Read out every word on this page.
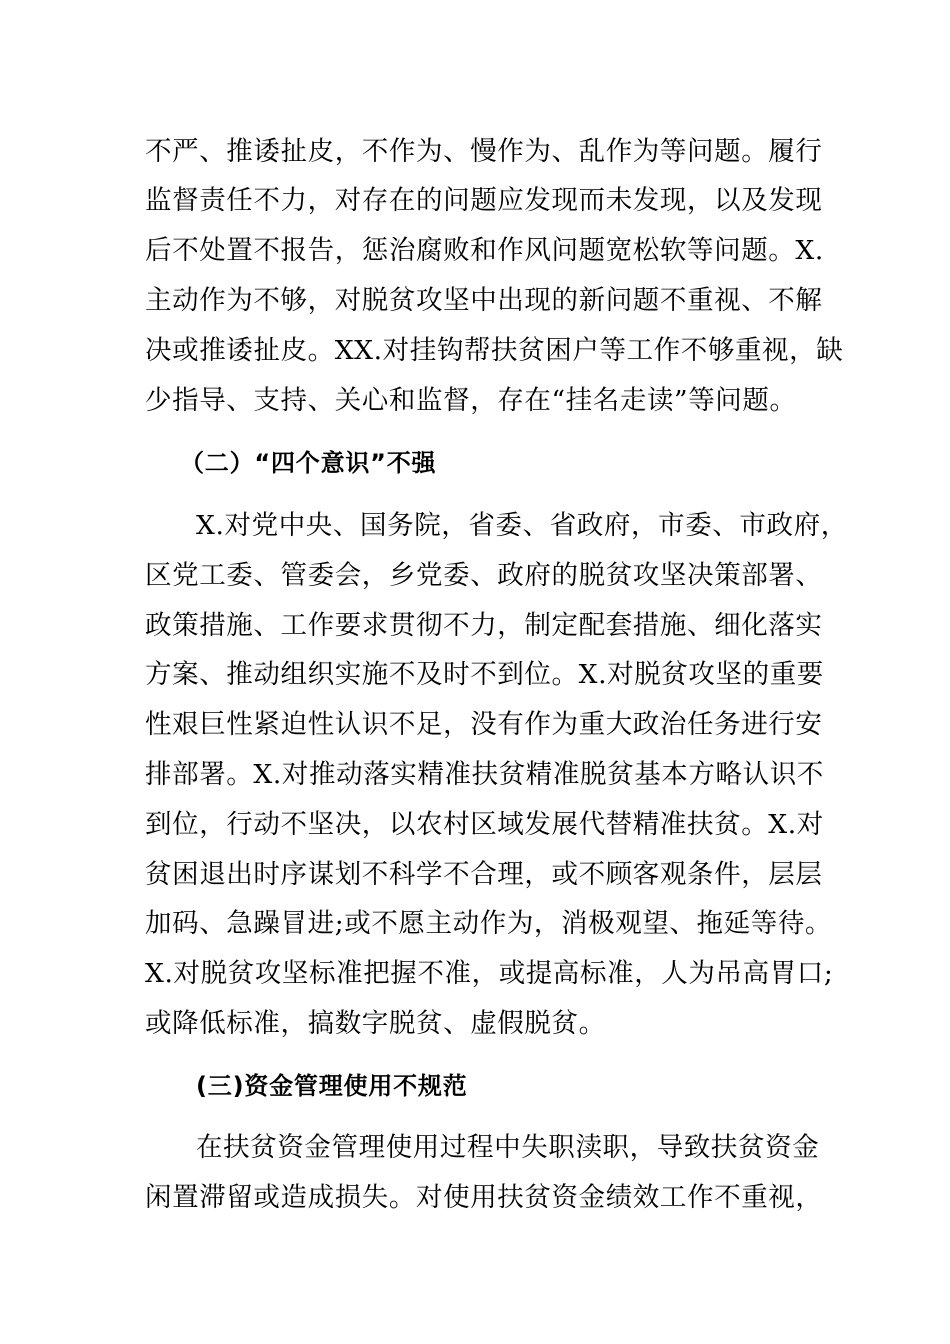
不严、推诿扯皮，不作为、慢作为、乱作为等问题。履行
监督责任不力，对存在的问题应发现而未发现，以及发现
后不处置不报告，惩治腐败和作风问题宽松软等问题。X.
主动作为不够，对脱贫攻坚中出现的新问题不重视、不解
决或推诿扯皮。XX.对挂钩帮扶贫困户等工作不够重视，缺
少指导、支持、关心和监督，存在“挂名走读”等问题。
（二）“四个意识”不强
X.对党中央、国务院，省委、省政府，市委、市政府，
区党工委、管委会，乡党委、政府的脱贫攻坚决策部署、
政策措施、工作要求贯彻不力，制定配套措施、细化落实
方案、推动组织实施不及时不到位。X.对脱贫攻坚的重要
性艰巨性紧迫性认识不足，没有作为重大政治任务进行安
排部署。X.对推动落实精准扶贫精准脱贫基本方略认识不
到位，行动不坚决，以农村区域发展代替精准扶贫。X.对
贫困退出时序谋划不科学不合理，或不顾客观条件，层层
加码、急躁冒进;或不愿主动作为，消极观望、拖延等待。
X.对脱贫攻坚标准把握不准，或提高标准，人为吊高胃口;
或降低标准，搞数字脱贫、虚假脱贫。
(三)资金管理使用不规范
在扶贫资金管理使用过程中失职渎职，导致扶贫资金
闲置滞留或造成损失。对使用扶贫资金绩效工作不重视，
